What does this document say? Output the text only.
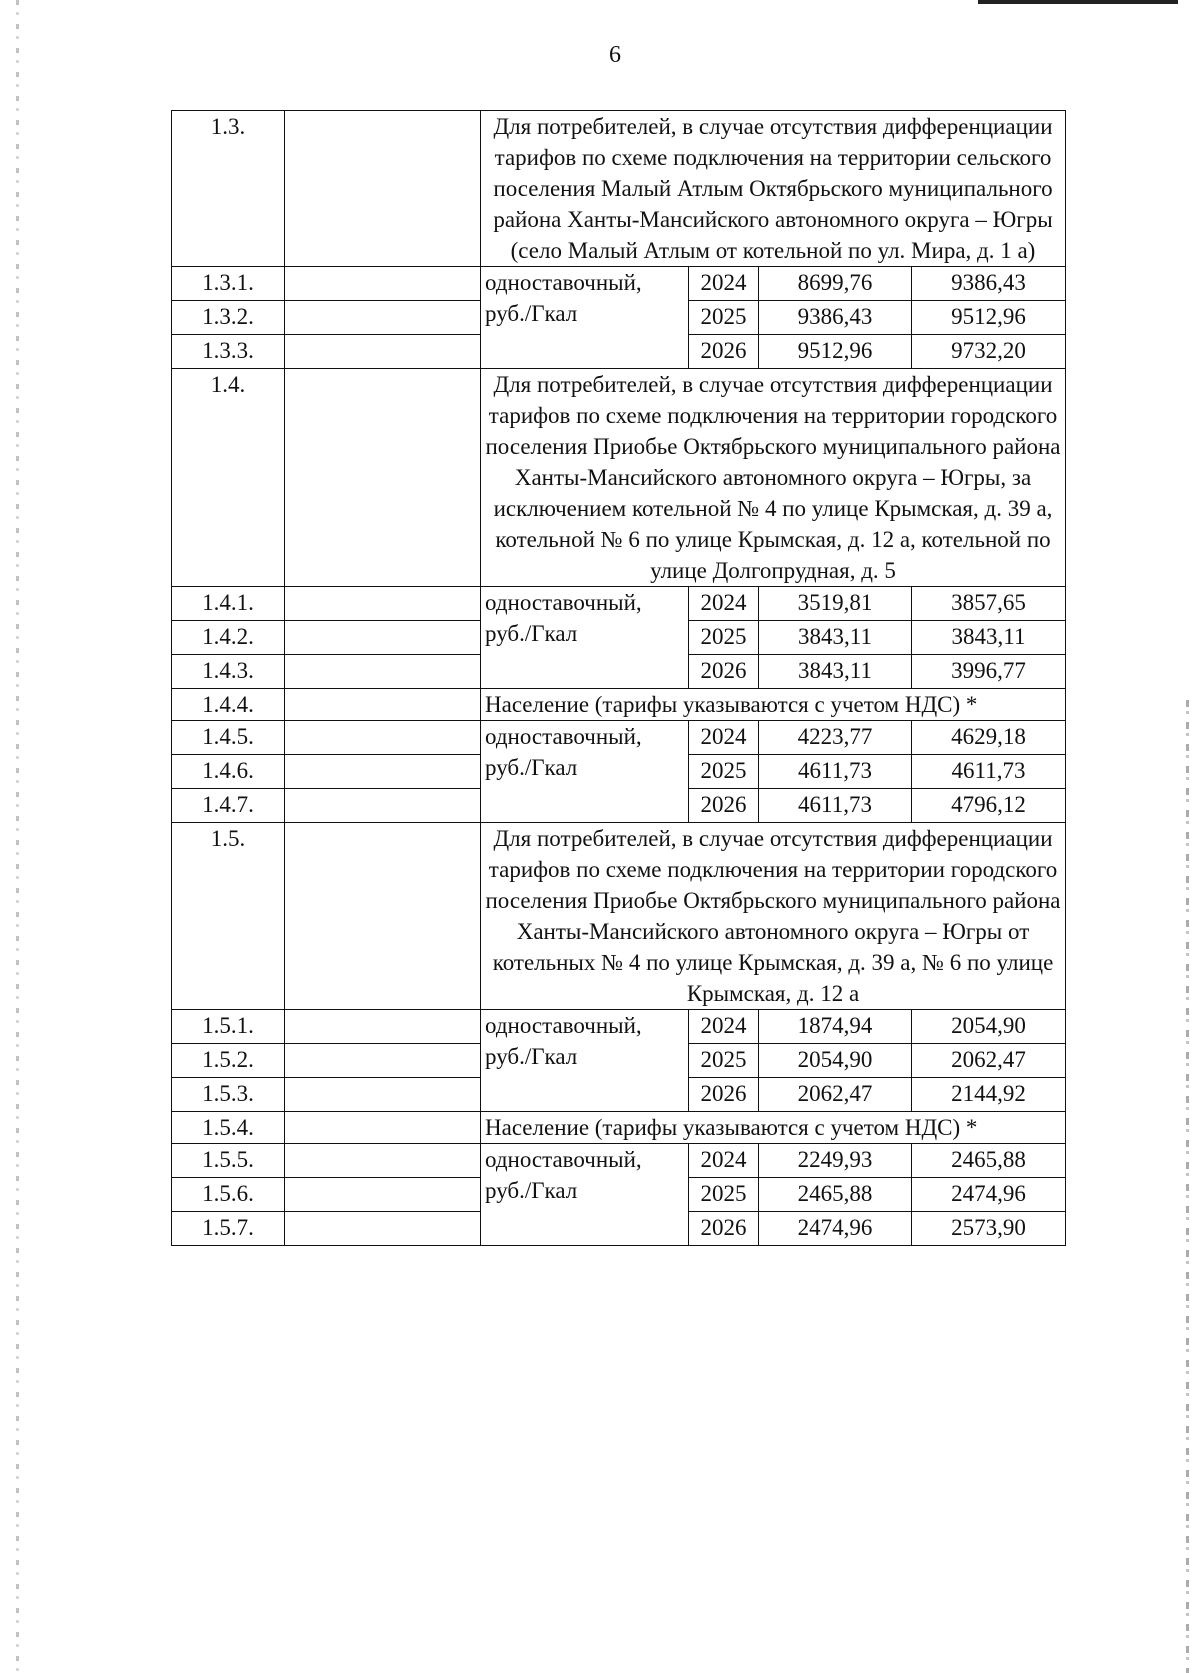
6
1.3.		Для потребителей, в случае отсутствия дифференциации тарифов по схеме подключения на территории сельского поселения Малый Атлым Октябрьского муниципального района Ханты-Мансийского автономного округа – Югры (село Малый Атлым от котельной по ул. Мира, д. 1 а)			
1.3.1.		одноставочный, руб./Гкал	2024	8699,76	9386,43
1.3.2.			2025	9386,43	9512,96
1.3.3.			2026	9512,96	9732,20
1.4.		Для потребителей, в случае отсутствия дифференциации тарифов по схеме подключения на территории городского поселения Приобье Октябрьского муниципального района Ханты-Мансийского автономного округа – Югры, за исключением котельной № 4 по улице Крымская, д. 39 а, котельной № 6 по улице Крымская, д. 12 а, котельной по улице Долгопрудная, д. 5			
1.4.1.		одноставочный, руб./Гкал	2024	3519,81	3857,65
1.4.2.			2025	3843,11	3843,11
1.4.3.			2026	3843,11	3996,77
1.4.4.		Население (тарифы указываются с учетом НДС) *			
1.4.5.		одноставочный, руб./Гкал	2024	4223,77	4629,18
1.4.6.			2025	4611,73	4611,73
1.4.7.			2026	4611,73	4796,12
1.5.		Для потребителей, в случае отсутствия дифференциации тарифов по схеме подключения на территории городского поселения Приобье Октябрьского муниципального района Ханты-Мансийского автономного округа – Югры от котельных № 4 по улице Крымская, д. 39 а, № 6 по улице Крымская, д. 12 а			
1.5.1.		одноставочный, руб./Гкал	2024	1874,94	2054,90
1.5.2.			2025	2054,90	2062,47
1.5.3.			2026	2062,47	2144,92
1.5.4.		Население (тарифы указываются с учетом НДС) *			
1.5.5.		одноставочный, руб./Гкал	2024	2249,93	2465,88
1.5.6.			2025	2465,88	2474,96
1.5.7.			2026	2474,96	2573,90
